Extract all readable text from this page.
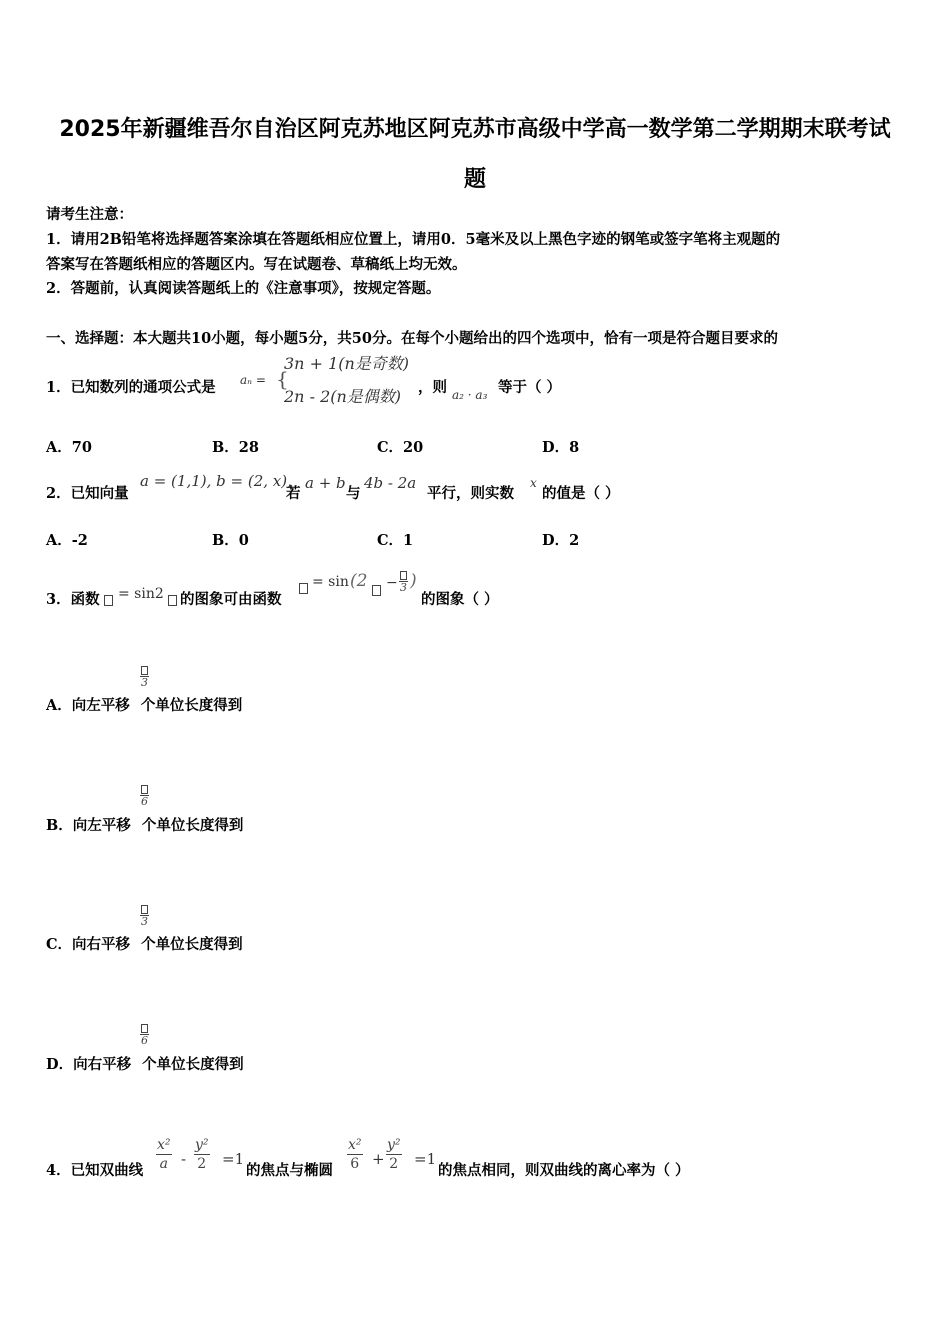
2025年新疆维吾尔自治区阿克苏地区阿克苏市高级中学高一数学第二学期期末联考试
题
请考生注意：
1．请用2B铅笔将选择题答案涂填在答题纸相应位置上，请用0．5毫米及以上黑色字迹的钢笔或签字笔将主观题的
答案写在答题纸相应的答题区内。写在试题卷、草稿纸上均无效。
2．答题前，认真阅读答题纸上的《注意事项》，按规定答题。
一、选择题：本大题共10小题，每小题5分，共50分。在每个小题给出的四个选项中，恰有一项是符合题目要求的
1．已知数列的通项公式是 aₙ = {
3n + 1(n是奇数)
2n - 2(n是偶数) ，则 a₂ · a₃ 等于（ ）
A．70	B．28	C．20	D．8
2．已知向量
a = (1,1), b = (2, x),
若
a + b
与
4b - 2a
平行，则实数
x
的值是（ ）
A．-2	B．0	C．1	D．2
3．函数 = sin2 的图象可由函数
= sin (2 − 3 )
的图象（ ）
3
A．向左平移 个单位长度得到
6
B．向左平移 个单位长度得到
3
C．向右平移 个单位长度得到
6
D．向右平移 个单位长度得到
4．已知双曲线 $\frac{\text{x²}}{a} - \frac{\text{y²}}{2} =1$
的焦点与椭圆 $\frac{\text{x²}}{6} + \frac{\text{y²}}{2} =1$
的焦点相同，则双曲线的离心率为（ ）
